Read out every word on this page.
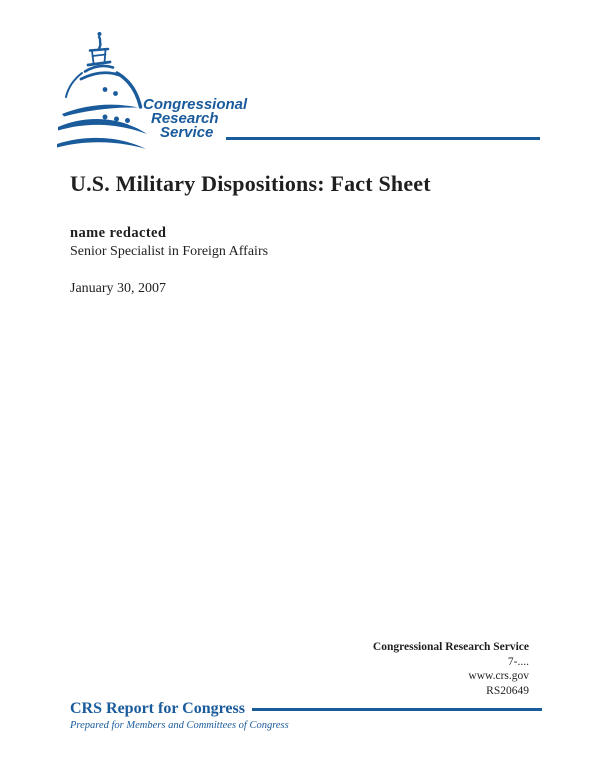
Congressional
Research
Service
U.S. Military Dispositions: Fact Sheet
name redacted
Senior Specialist in Foreign Affairs
January 30, 2007
Congressional Research Service
7-....
www.crs.gov
RS20649
CRS Report for Congress
Prepared for Members and Committees of Congress
